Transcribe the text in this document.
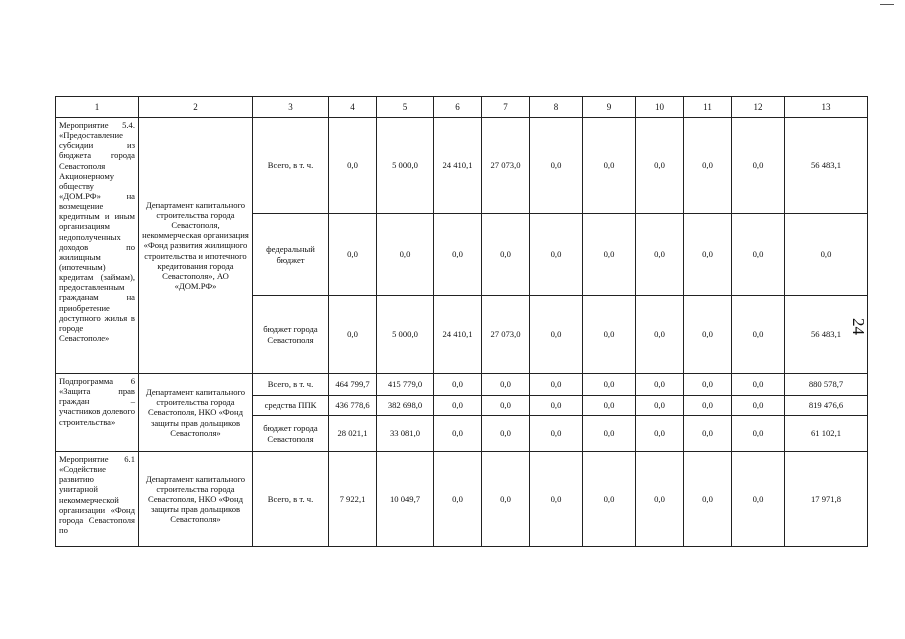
24
1	2	3	4	5	6	7	8	9	10	11	12	13
Мероприятие 5.4. «Предоставление субсидии из бюджета города Севастополя Акционерному обществу «ДОМ.РФ» на возмещение кредитным и иным организациям недополученных доходов по жилищным (ипотечным) кредитам (займам), предоставленным гражданам на приобретение доступного жилья в городе Севастополе»	Департамент капитального строительства города Севастополя, некоммерческая организация «Фонд развития жилищного строительства и ипотечного кредитования города Севастополя», АО «ДОМ.РФ»	Всего, в т. ч.	0,0	5 000,0	24 410,1	27 073,0	0,0	0,0	0,0	0,0	0,0	56 483,1
		федеральный бюджет	0,0	0,0	0,0	0,0	0,0	0,0	0,0	0,0	0,0	0,0
		бюджет города Севастополя	0,0	5 000,0	24 410,1	27 073,0	0,0	0,0	0,0	0,0	0,0	56 483,1
Подпрограмма 6 «Защита прав граждан – участников долевого строительства»	Департамент капитального строительства города Севастополя, НКО «Фонд защиты прав дольщиков Севастополя»	Всего, в т. ч.	464 799,7	415 779,0	0,0	0,0	0,0	0,0	0,0	0,0	0,0	880 578,7
		средства ППК	436 778,6	382 698,0	0,0	0,0	0,0	0,0	0,0	0,0	0,0	819 476,6
		бюджет города Севастополя	28 021,1	33 081,0	0,0	0,0	0,0	0,0	0,0	0,0	0,0	61 102,1
Мероприятие 6.1 «Содействие развитию унитарной некоммерческой организации «Фонд города Севастополя по	Департамент капитального строительства города Севастополя, НКО «Фонд защиты прав дольщиков Севастополя»	Всего, в т. ч.	7 922,1	10 049,7	0,0	0,0	0,0	0,0	0,0	0,0	0,0	17 971,8
